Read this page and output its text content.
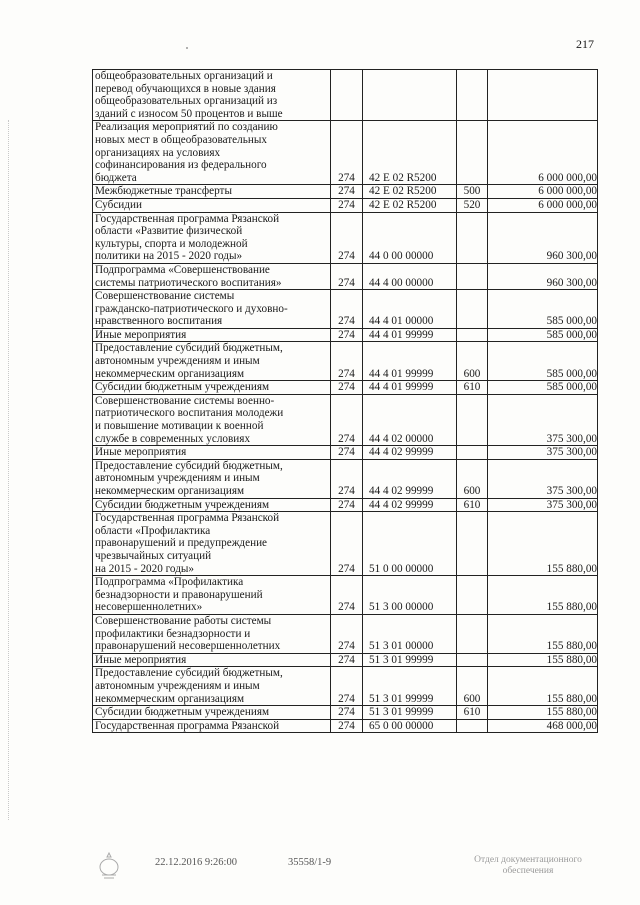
217
общеобразовательных организаций и
перевод обучающихся в новые здания
общеобразовательных организаций из
зданий с износом 50 процентов и выше				
Реализация мероприятий по созданию
новых мест в общеобразовательных
организациях на условиях
софинансирования из федерального
бюджета	274	42 Е 02 R5200		6 000 000,00
Межбюджетные трансферты	274	42 Е 02 R5200	500	6 000 000,00
Субсидии	274	42 Е 02 R5200	520	6 000 000,00
Государственная программа Рязанской
области «Развитие физической
культуры, спорта и молодежной
политики на 2015 - 2020 годы»	274	44 0 00 00000		960 300,00
Подпрограмма «Совершенствование
системы патриотического воспитания»	274	44 4 00 00000		960 300,00
Совершенствование системы
гражданско-патриотического и духовно-
нравственного воспитания	274	44 4 01 00000		585 000,00
Иные мероприятия	274	44 4 01 99999		585 000,00
Предоставление субсидий бюджетным,
автономным учреждениям и иным
некоммерческим организациям	274	44 4 01 99999	600	585 000,00
Субсидии бюджетным учреждениям	274	44 4 01 99999	610	585 000,00
Совершенствование системы военно-
патриотического воспитания молодежи
и повышение мотивации к военной
службе в современных условиях	274	44 4 02 00000		375 300,00
Иные мероприятия	274	44 4 02 99999		375 300,00
Предоставление субсидий бюджетным,
автономным учреждениям и иным
некоммерческим организациям	274	44 4 02 99999	600	375 300,00
Субсидии бюджетным учреждениям	274	44 4 02 99999	610	375 300,00
Государственная программа Рязанской
области «Профилактика
правонарушений и предупреждение
чрезвычайных ситуаций
на 2015 - 2020 годы»	274	51 0 00 00000		155 880,00
Подпрограмма «Профилактика
безнадзорности и правонарушений
несовершеннолетних»	274	51 3 00 00000		155 880,00
Совершенствование работы системы
профилактики безнадзорности и
правонарушений несовершеннолетних	274	51 3 01 00000		155 880,00
Иные мероприятия	274	51 3 01 99999		155 880,00
Предоставление субсидий бюджетным,
автономным учреждениям и иным
некоммерческим организациям	274	51 3 01 99999	600	155 880,00
Субсидии бюджетным учреждениям	274	51 3 01 99999	610	155 880,00
Государственная программа Рязанской	274	65 0 00 00000		468 000,00
22.12.2016 9:26:00	35558/1-9	Отдел документационного
обеспечения
